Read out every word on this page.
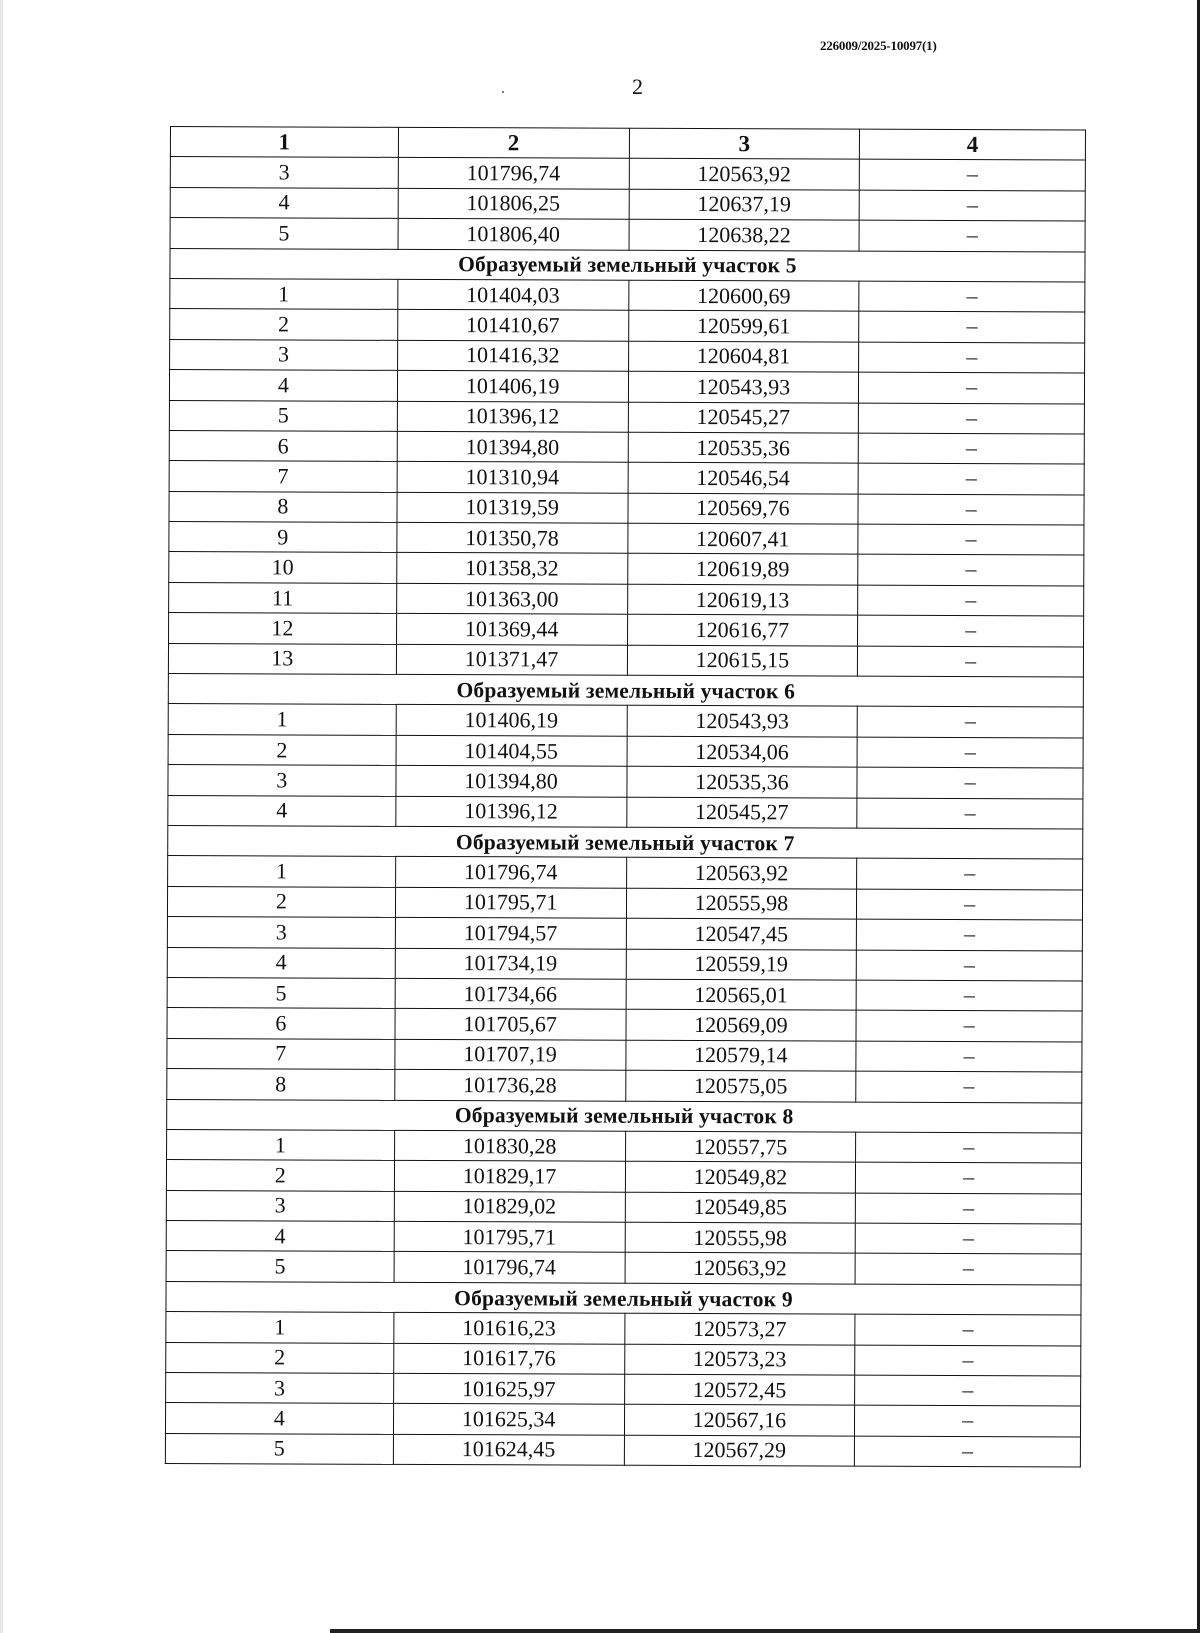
226009/2025-10097(1)
2
1	2	3	4
3	101796,74	120563,92	–
4	101806,25	120637,19	–
5	101806,40	120638,22	–
Образуемый земельный участок 5			
1	101404,03	120600,69	–
2	101410,67	120599,61	–
3	101416,32	120604,81	–
4	101406,19	120543,93	–
5	101396,12	120545,27	–
6	101394,80	120535,36	–
7	101310,94	120546,54	–
8	101319,59	120569,76	–
9	101350,78	120607,41	–
10	101358,32	120619,89	–
11	101363,00	120619,13	–
12	101369,44	120616,77	–
13	101371,47	120615,15	–
Образуемый земельный участок 6			
1	101406,19	120543,93	–
2	101404,55	120534,06	–
3	101394,80	120535,36	–
4	101396,12	120545,27	–
Образуемый земельный участок 7			
1	101796,74	120563,92	–
2	101795,71	120555,98	–
3	101794,57	120547,45	–
4	101734,19	120559,19	–
5	101734,66	120565,01	–
6	101705,67	120569,09	–
7	101707,19	120579,14	–
8	101736,28	120575,05	–
Образуемый земельный участок 8			
1	101830,28	120557,75	–
2	101829,17	120549,82	–
3	101829,02	120549,85	–
4	101795,71	120555,98	–
5	101796,74	120563,92	–
Образуемый земельный участок 9			
1	101616,23	120573,27	–
2	101617,76	120573,23	–
3	101625,97	120572,45	–
4	101625,34	120567,16	–
5	101624,45	120567,29	–
